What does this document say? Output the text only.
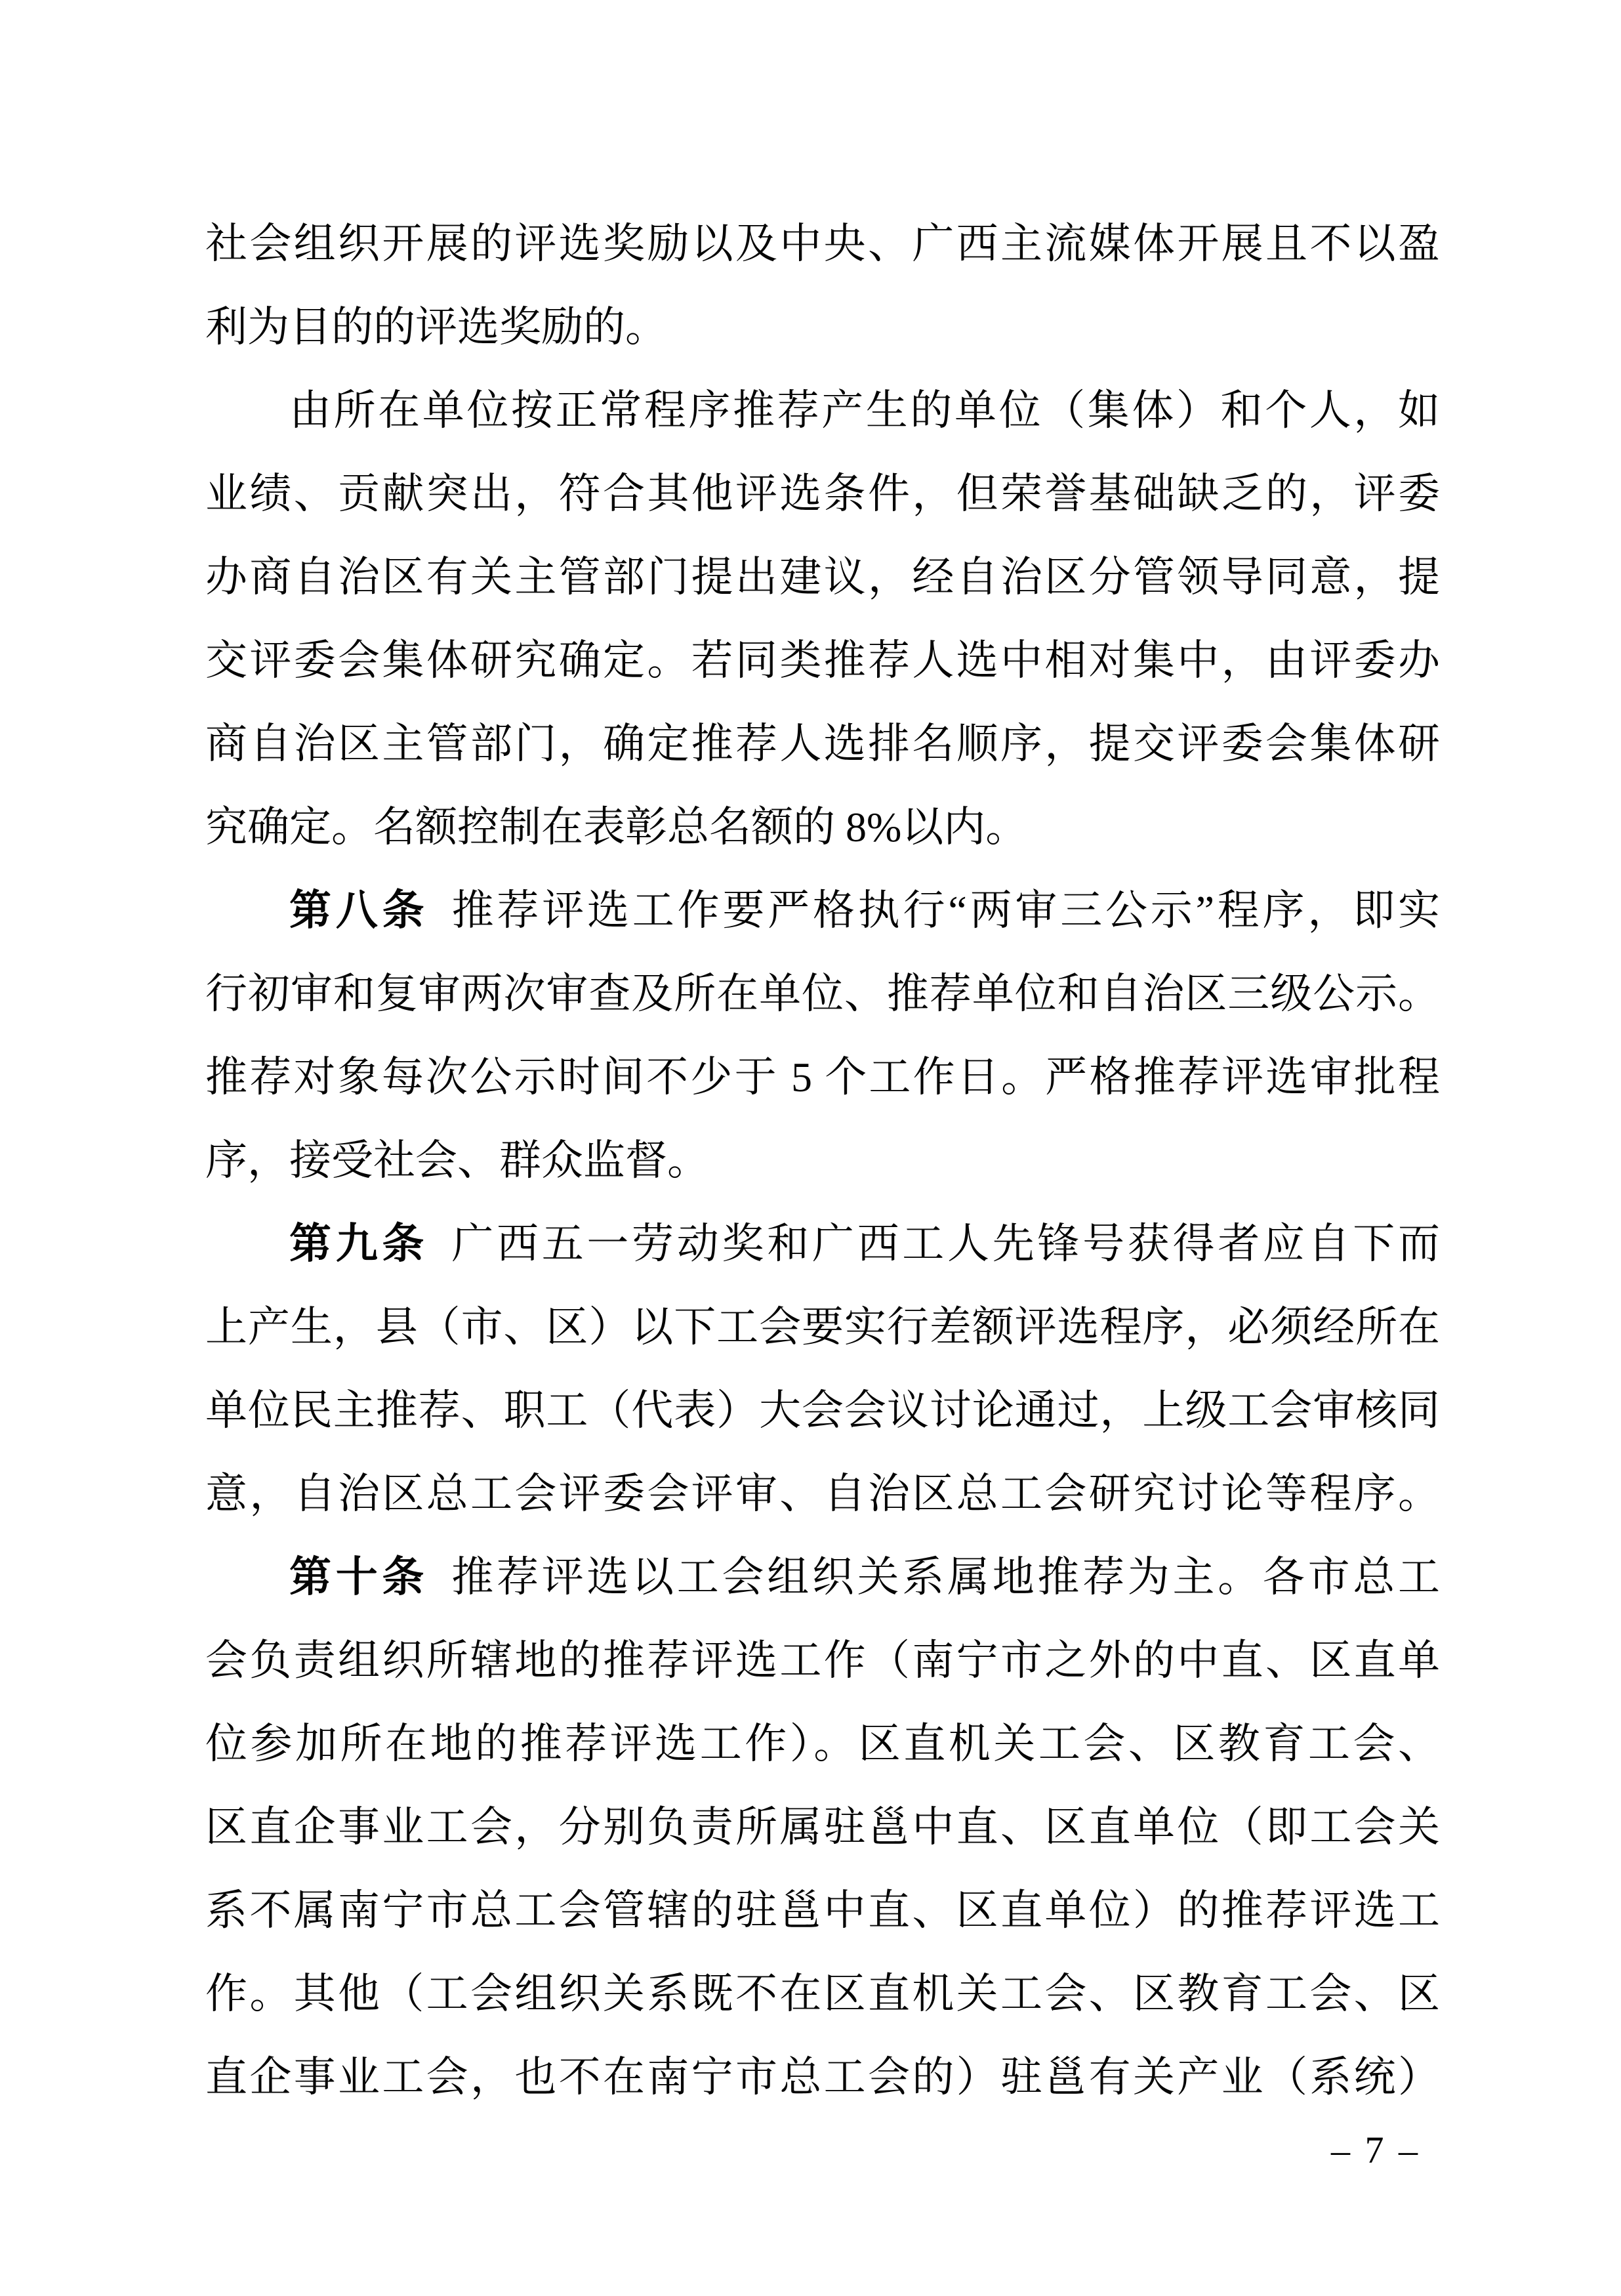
社会组织开展的评选奖励以及中央、广西主流媒体开展且不以盈
利为目的的评选奖励的。
由所在单位按正常程序推荐产生的单位（集体）和个人，如
业绩、贡献突出，符合其他评选条件，但荣誉基础缺乏的，评委
办商自治区有关主管部门提出建议，经自治区分管领导同意，提
交评委会集体研究确定。若同类推荐人选中相对集中，由评委办
商自治区主管部门，确定推荐人选排名顺序，提交评委会集体研
究确定。名额控制在表彰总名额的 8%以内。
第八条 推荐评选工作要严格执行“两审三公示”程序，即实
行初审和复审两次审查及所在单位、推荐单位和自治区三级公示。
推荐对象每次公示时间不少于 5 个工作日。严格推荐评选审批程
序，接受社会、群众监督。
第九条 广西五一劳动奖和广西工人先锋号获得者应自下而
上产生，县（市、区）以下工会要实行差额评选程序，必须经所在
单位民主推荐、职工（代表）大会会议讨论通过，上级工会审核同
意，自治区总工会评委会评审、自治区总工会研究讨论等程序。
第十条 推荐评选以工会组织关系属地推荐为主。各市总工
会负责组织所辖地的推荐评选工作（南宁市之外的中直、区直单
位参加所在地的推荐评选工作）。区直机关工会、区教育工会、
区直企事业工会，分别负责所属驻邕中直、区直单位（即工会关
系不属南宁市总工会管辖的驻邕中直、区直单位）的推荐评选工
作。其他（工会组织关系既不在区直机关工会、区教育工会、区
直企事业工会，也不在南宁市总工会的）驻邕有关产业（系统）
– 7 –
